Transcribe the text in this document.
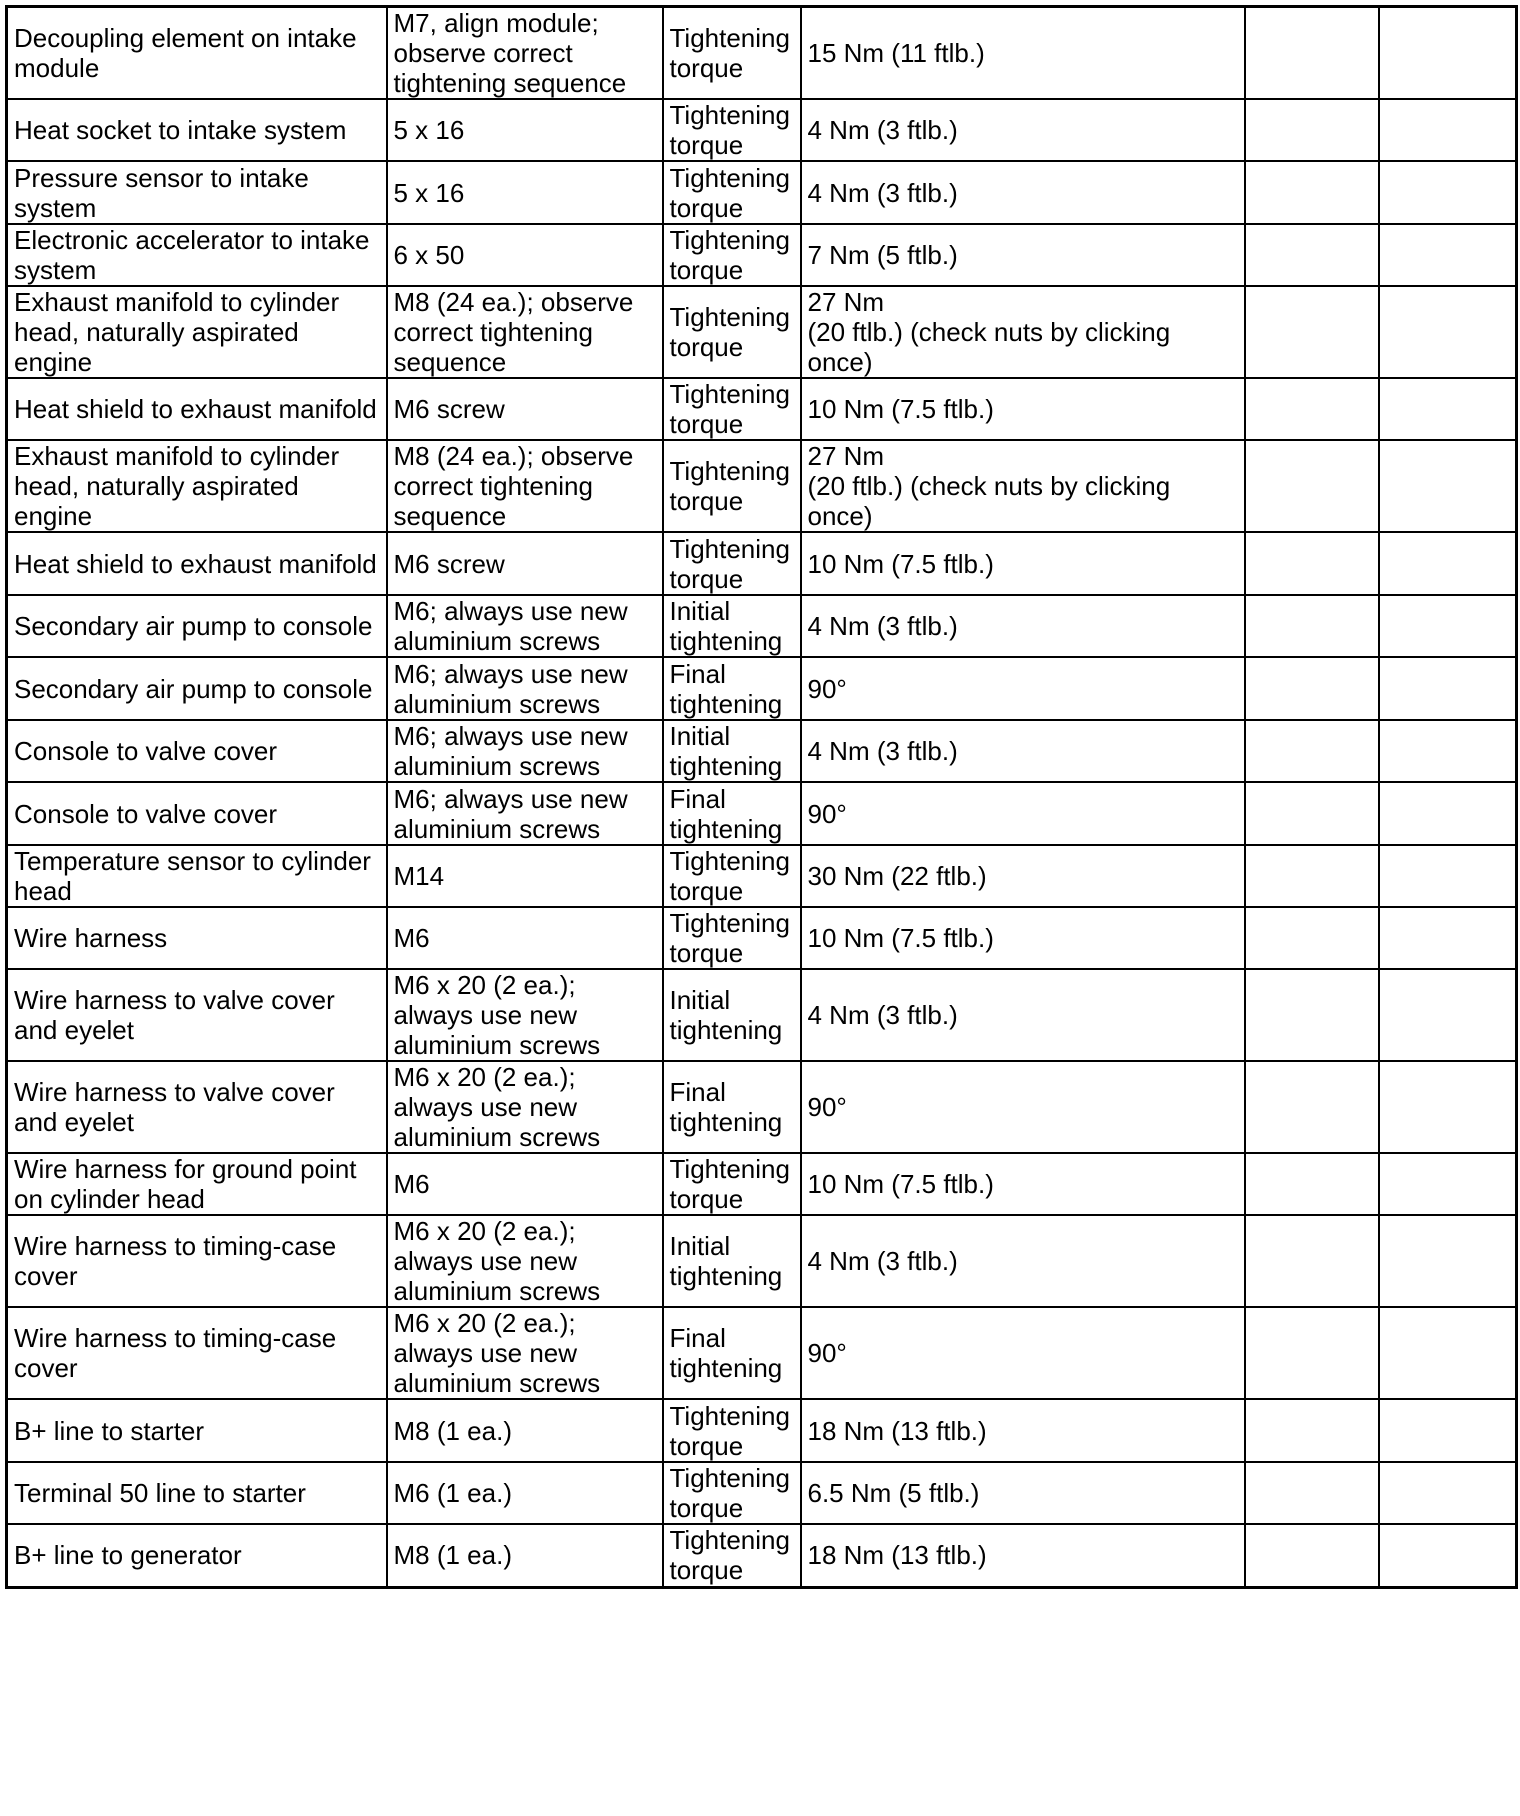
Decoupling element on intake module	M7, align module; observe correct tightening sequence	Tightening torque	15 Nm (11 ftlb.)		
Heat socket to intake system	5 x 16	Tightening torque	4 Nm (3 ftlb.)		
Pressure sensor to intake system	5 x 16	Tightening torque	4 Nm (3 ftlb.)		
Electronic accelerator to intake system	6 x 50	Tightening torque	7 Nm (5 ftlb.)		
Exhaust manifold to cylinder head, naturally aspirated engine	M8 (24 ea.); observe correct tightening sequence	Tightening torque	27 Nm
(20 ftlb.) (check nuts by clicking once)		
Heat shield to exhaust manifold	M6 screw	Tightening torque	10 Nm (7.5 ftlb.)		
Exhaust manifold to cylinder head, naturally aspirated engine	M8 (24 ea.); observe correct tightening sequence	Tightening torque	27 Nm
(20 ftlb.) (check nuts by clicking once)		
Heat shield to exhaust manifold	M6 screw	Tightening torque	10 Nm (7.5 ftlb.)		
Secondary air pump to console	M6; always use new aluminium screws	Initial tightening	4 Nm (3 ftlb.)		
Secondary air pump to console	M6; always use new aluminium screws	Final tightening	90°		
Console to valve cover	M6; always use new aluminium screws	Initial tightening	4 Nm (3 ftlb.)		
Console to valve cover	M6; always use new aluminium screws	Final tightening	90°		
Temperature sensor to cylinder head	M14	Tightening torque	30 Nm (22 ftlb.)		
Wire harness	M6	Tightening torque	10 Nm (7.5 ftlb.)		
Wire harness to valve cover and eyelet	M6 x 20 (2 ea.); always use new aluminium screws	Initial tightening	4 Nm (3 ftlb.)		
Wire harness to valve cover and eyelet	M6 x 20 (2 ea.); always use new aluminium screws	Final tightening	90°		
Wire harness for ground point on cylinder head	M6	Tightening torque	10 Nm (7.5 ftlb.)		
Wire harness to timing-case cover	M6 x 20 (2 ea.); always use new aluminium screws	Initial tightening	4 Nm (3 ftlb.)		
Wire harness to timing-case cover	M6 x 20 (2 ea.); always use new aluminium screws	Final tightening	90°		
B+ line to starter	M8 (1 ea.)	Tightening torque	18 Nm (13 ftlb.)		
Terminal 50 line to starter	M6 (1 ea.)	Tightening torque	6.5 Nm (5 ftlb.)		
B+ line to generator	M8 (1 ea.)	Tightening torque	18 Nm (13 ftlb.)		
